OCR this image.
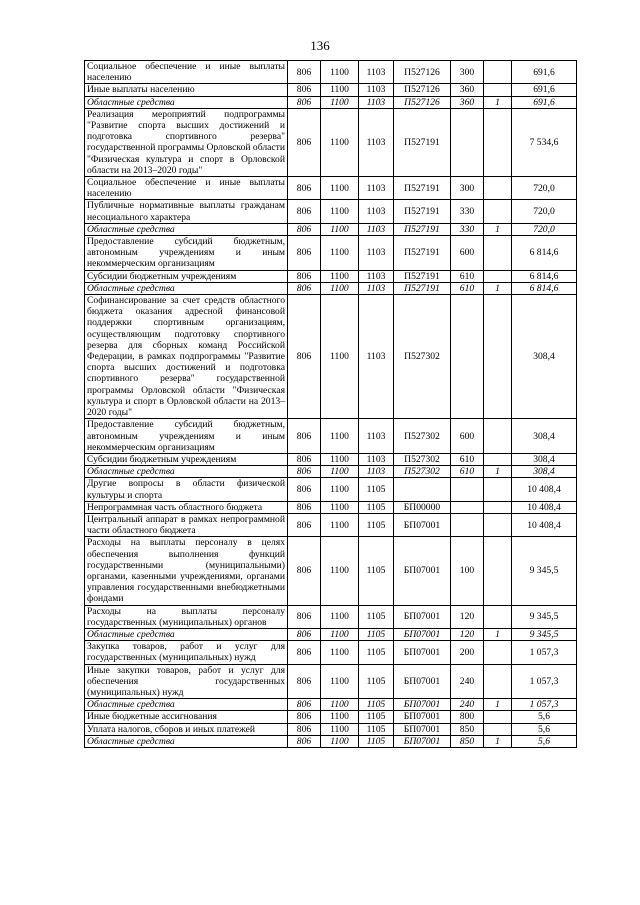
136
Социальное обеспечение и иные выплаты населению	806	1100	1103	П527126	300		691,6
Иные выплаты населению	806	1100	1103	П527126	360		691,6
Областные средства	806	1100	1103	П527126	360	1	691,6
Реализация мероприятий подпрограммы "Развитие спорта высших достижений и подготовка спортивного резерва" государственной программы Орловской области "Физическая культура и спорт в Орловской области на 2013–2020 годы"	806	1100	1103	П527191			7 534,6
Социальное обеспечение и иные выплаты населению	806	1100	1103	П527191	300		720,0
Публичные нормативные выплаты гражданам несоциального характера	806	1100	1103	П527191	330		720,0
Областные средства	806	1100	1103	П527191	330	1	720,0
Предоставление субсидий бюджетным, автономным учреждениям и иным некоммерческим организациям	806	1100	1103	П527191	600		6 814,6
Субсидии бюджетным учреждениям	806	1100	1103	П527191	610		6 814,6
Областные средства	806	1100	1103	П527191	610	1	6 814,6
Софинансирование за счет средств областного бюджета оказания адресной финансовой поддержки спортивным организациям, осуществляющим подготовку спортивного резерва для сборных команд Российской Федерации, в рамках подпрограммы "Развитие спорта высших достижений и подготовка спортивного резерва" государственной программы Орловской области "Физическая культура и спорт в Орловской области на 2013–2020 годы"	806	1100	1103	П527302			308,4
Предоставление субсидий бюджетным, автономным учреждениям и иным некоммерческим организациям	806	1100	1103	П527302	600		308,4
Субсидии бюджетным учреждениям	806	1100	1103	П527302	610		308,4
Областные средства	806	1100	1103	П527302	610	1	308,4
Другие вопросы в области физической культуры и спорта	806	1100	1105				10 408,4
Непрограммная часть областного бюджета	806	1100	1105	БП00000			10 408,4
Центральный аппарат в рамках непрограммной части областного бюджета	806	1100	1105	БП07001			10 408,4
Расходы на выплаты персоналу в целях обеспечения выполнения функций государственными (муниципальными) органами, казенными учреждениями, органами управления государственными внебюджетными фондами	806	1100	1105	БП07001	100		9 345,5
Расходы на выплаты персоналу государственных (муниципальных) органов	806	1100	1105	БП07001	120		9 345,5
Областные средства	806	1100	1105	БП07001	120	1	9 345,5
Закупка товаров, работ и услуг для государственных (муниципальных) нужд	806	1100	1105	БП07001	200		1 057,3
Иные закупки товаров, работ и услуг для обеспечения государственных (муниципальных) нужд	806	1100	1105	БП07001	240		1 057,3
Областные средства	806	1100	1105	БП07001	240	1	1 057,3
Иные бюджетные ассигнования	806	1100	1105	БП07001	800		5,6
Уплата налогов, сборов и иных платежей	806	1100	1105	БП07001	850		5,6
Областные средства	806	1100	1105	БП07001	850	1	5,6
